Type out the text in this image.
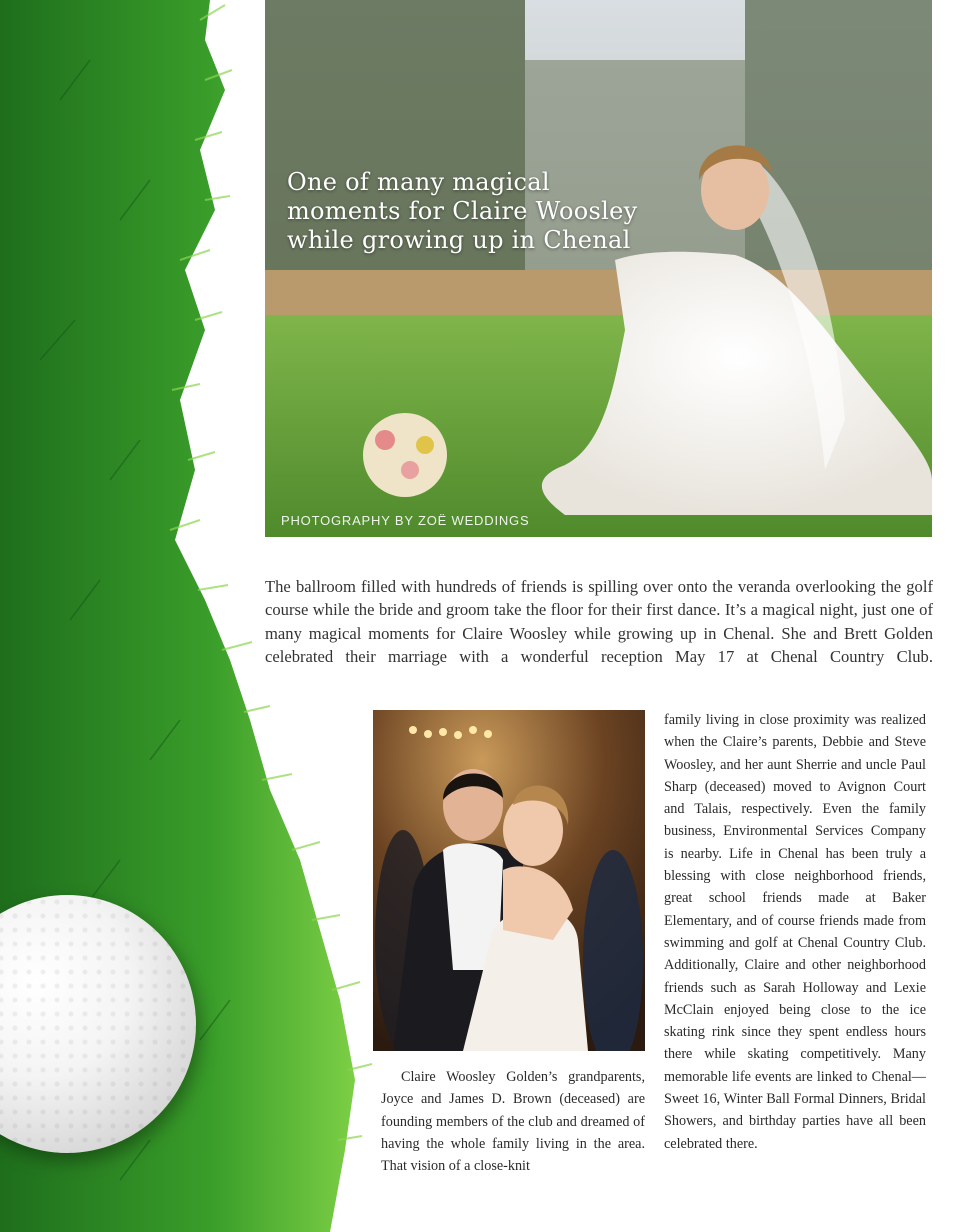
One of many magical moments for Claire Woosley while growing up in Chenal
PHOTOGRAPHY BY ZOË WEDDINGS

The ballroom filled with hundreds of friends is spilling over onto the veranda overlooking the golf course while the bride and groom take the floor for their first dance. It’s a magical night, just one of many magical moments for Claire Woosley while growing up in Chenal. She and Brett Golden celebrated their marriage with a wonderful reception May 17 at Chenal Country Club.

Claire Woosley Golden’s grandparents, Joyce and James D. Brown (deceased) are founding members of the club and dreamed of having the whole family living in the area. That vision of a close-knit

family living in close proximity was realized when the Claire’s parents, Debbie and Steve Woosley, and her aunt Sherrie and uncle Paul Sharp (deceased) moved to Avignon Court and Talais, respectively. Even the family business, Environmental Services Company is nearby. Life in Chenal has been truly a blessing with close neighborhood friends, great school friends made at Baker Elementary, and of course friends made from swimming and golf at Chenal Country Club. Additionally, Claire and other neighborhood friends such as Sarah Holloway and Lexie McClain enjoyed being close to the ice skating rink since they spent endless hours there while skating competitively. Many memorable life events are linked to Chenal—Sweet 16, Winter Ball Formal Dinners, Bridal Showers, and birthday parties have all been celebrated there.
